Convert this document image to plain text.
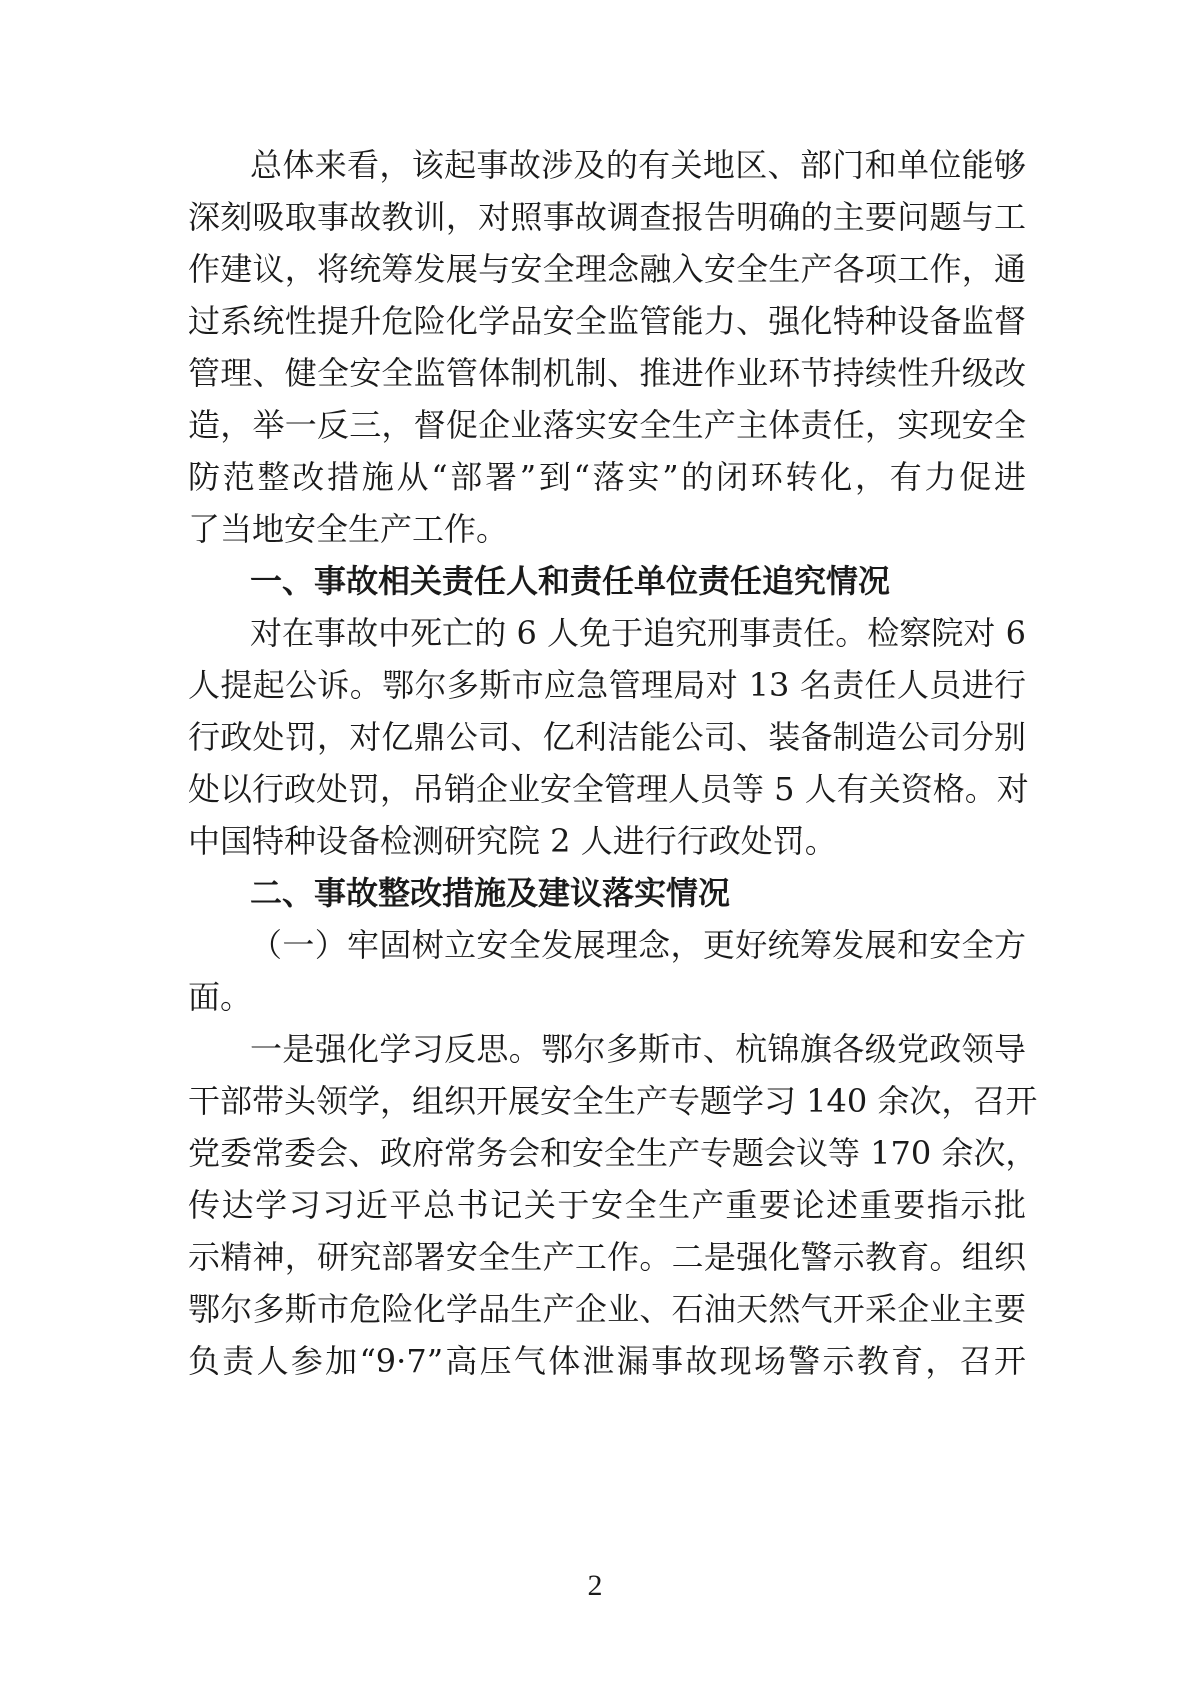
总体来看，该起事故涉及的有关地区、部门和单位能够
深刻吸取事故教训，对照事故调查报告明确的主要问题与工
作建议，将统筹发展与安全理念融入安全生产各项工作，通
过系统性提升危险化学品安全监管能力、强化特种设备监督
管理、健全安全监管体制机制、推进作业环节持续性升级改
造，举一反三，督促企业落实安全生产主体责任，实现安全
防范整改措施从“部署”到“落实”的闭环转化，有力促进
了当地安全生产工作。
一、事故相关责任人和责任单位责任追究情况
对在事故中死亡的 6 人免于追究刑事责任。检察院对 6
人提起公诉。鄂尔多斯市应急管理局对 13 名责任人员进行
行政处罚，对亿鼎公司、亿利洁能公司、装备制造公司分别
处以行政处罚，吊销企业安全管理人员等 5 人有关资格。对
中国特种设备检测研究院 2 人进行行政处罚。
二、事故整改措施及建议落实情况
（一）牢固树立安全发展理念，更好统筹发展和安全方
面。
一是强化学习反思。鄂尔多斯市、杭锦旗各级党政领导
干部带头领学，组织开展安全生产专题学习 140 余次，召开
党委常委会、政府常务会和安全生产专题会议等 170 余次，
传达学习习近平总书记关于安全生产重要论述重要指示批
示精神，研究部署安全生产工作。二是强化警示教育。组织
鄂尔多斯市危险化学品生产企业、石油天然气开采企业主要
负责人参加“9·7”高压气体泄漏事故现场警示教育，召开
2
